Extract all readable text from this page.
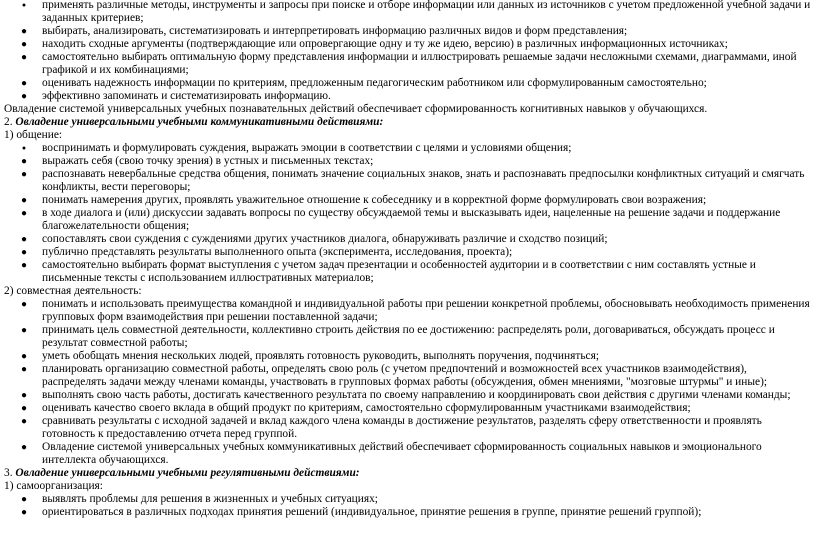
●	применять различные методы, инструменты и запросы при поиске и отборе информации или данных из источников с учетом предложенной учебной задачи и заданных критериев;
●	выбирать, анализировать, систематизировать и интерпретировать информацию различных видов и форм представления;
●	находить сходные аргументы (подтверждающие или опровергающие одну и ту же идею, версию) в различных информационных источниках;
●	самостоятельно выбирать оптимальную форму представления информации и иллюстрировать решаемые задачи несложными схемами, диаграммами, иной графикой и их комбинациями;
●	оценивать надежность информации по критериям, предложенным педагогическим работником или сформулированным самостоятельно;
●	эффективно запоминать и систематизировать информацию.

Овладение системой универсальных учебных познавательных действий обеспечивает сформированность когнитивных навыков у обучающихся.

2. Овладение универсальными учебными коммуникативными действиями:

1) общение:

●	воспринимать и формулировать суждения, выражать эмоции в соответствии с целями и условиями общения;
●	выражать себя (свою точку зрения) в устных и письменных текстах;
●	распознавать невербальные средства общения, понимать значение социальных знаков, знать и распознавать предпосылки конфликтных ситуаций и смягчать конфликты, вести переговоры;
●	понимать намерения других, проявлять уважительное отношение к собеседнику и в корректной форме формулировать свои возражения;
●	в ходе диалога и (или) дискуссии задавать вопросы по существу обсуждаемой темы и высказывать идеи, нацеленные на решение задачи и поддержание благожелательности общения;
●	сопоставлять свои суждения с суждениями других участников диалога, обнаруживать различие и сходство позиций;
●	публично представлять результаты выполненного опыта (эксперимента, исследования, проекта);
●	самостоятельно выбирать формат выступления с учетом задач презентации и особенностей аудитории и в соответствии с ним составлять устные и письменные тексты с использованием иллюстративных материалов;

2) совместная деятельность:

●	понимать и использовать преимущества командной и индивидуальной работы при решении конкретной проблемы, обосновывать необходимость применения групповых форм взаимодействия при решении поставленной задачи;
●	принимать цель совместной деятельности, коллективно строить действия по ее достижению: распределять роли, договариваться, обсуждать процесс и результат совместной работы;
●	уметь обобщать мнения нескольких людей, проявлять готовность руководить, выполнять поручения, подчиняться;
●	планировать организацию совместной работы, определять свою роль (с учетом предпочтений и возможностей всех участников взаимодействия), распределять задачи между членами команды, участвовать в групповых формах работы (обсуждения, обмен мнениями, "мозговые штурмы" и иные);
●	выполнять свою часть работы, достигать качественного результата по своему направлению и координировать свои действия с другими членами команды;
●	оценивать качество своего вклада в общий продукт по критериям, самостоятельно сформулированным участниками взаимодействия;
●	сравнивать результаты с исходной задачей и вклад каждого члена команды в достижение результатов, разделять сферу ответственности и проявлять готовность к предоставлению отчета перед группой.
●	Овладение системой универсальных учебных коммуникативных действий обеспечивает сформированность социальных навыков и эмоционального интеллекта обучающихся.

3. Овладение универсальными учебными регулятивными действиями:

1) самоорганизация:

●	выявлять проблемы для решения в жизненных и учебных ситуациях;
●	ориентироваться в различных подходах принятия решений (индивидуальное, принятие решения в группе, принятие решений группой);
